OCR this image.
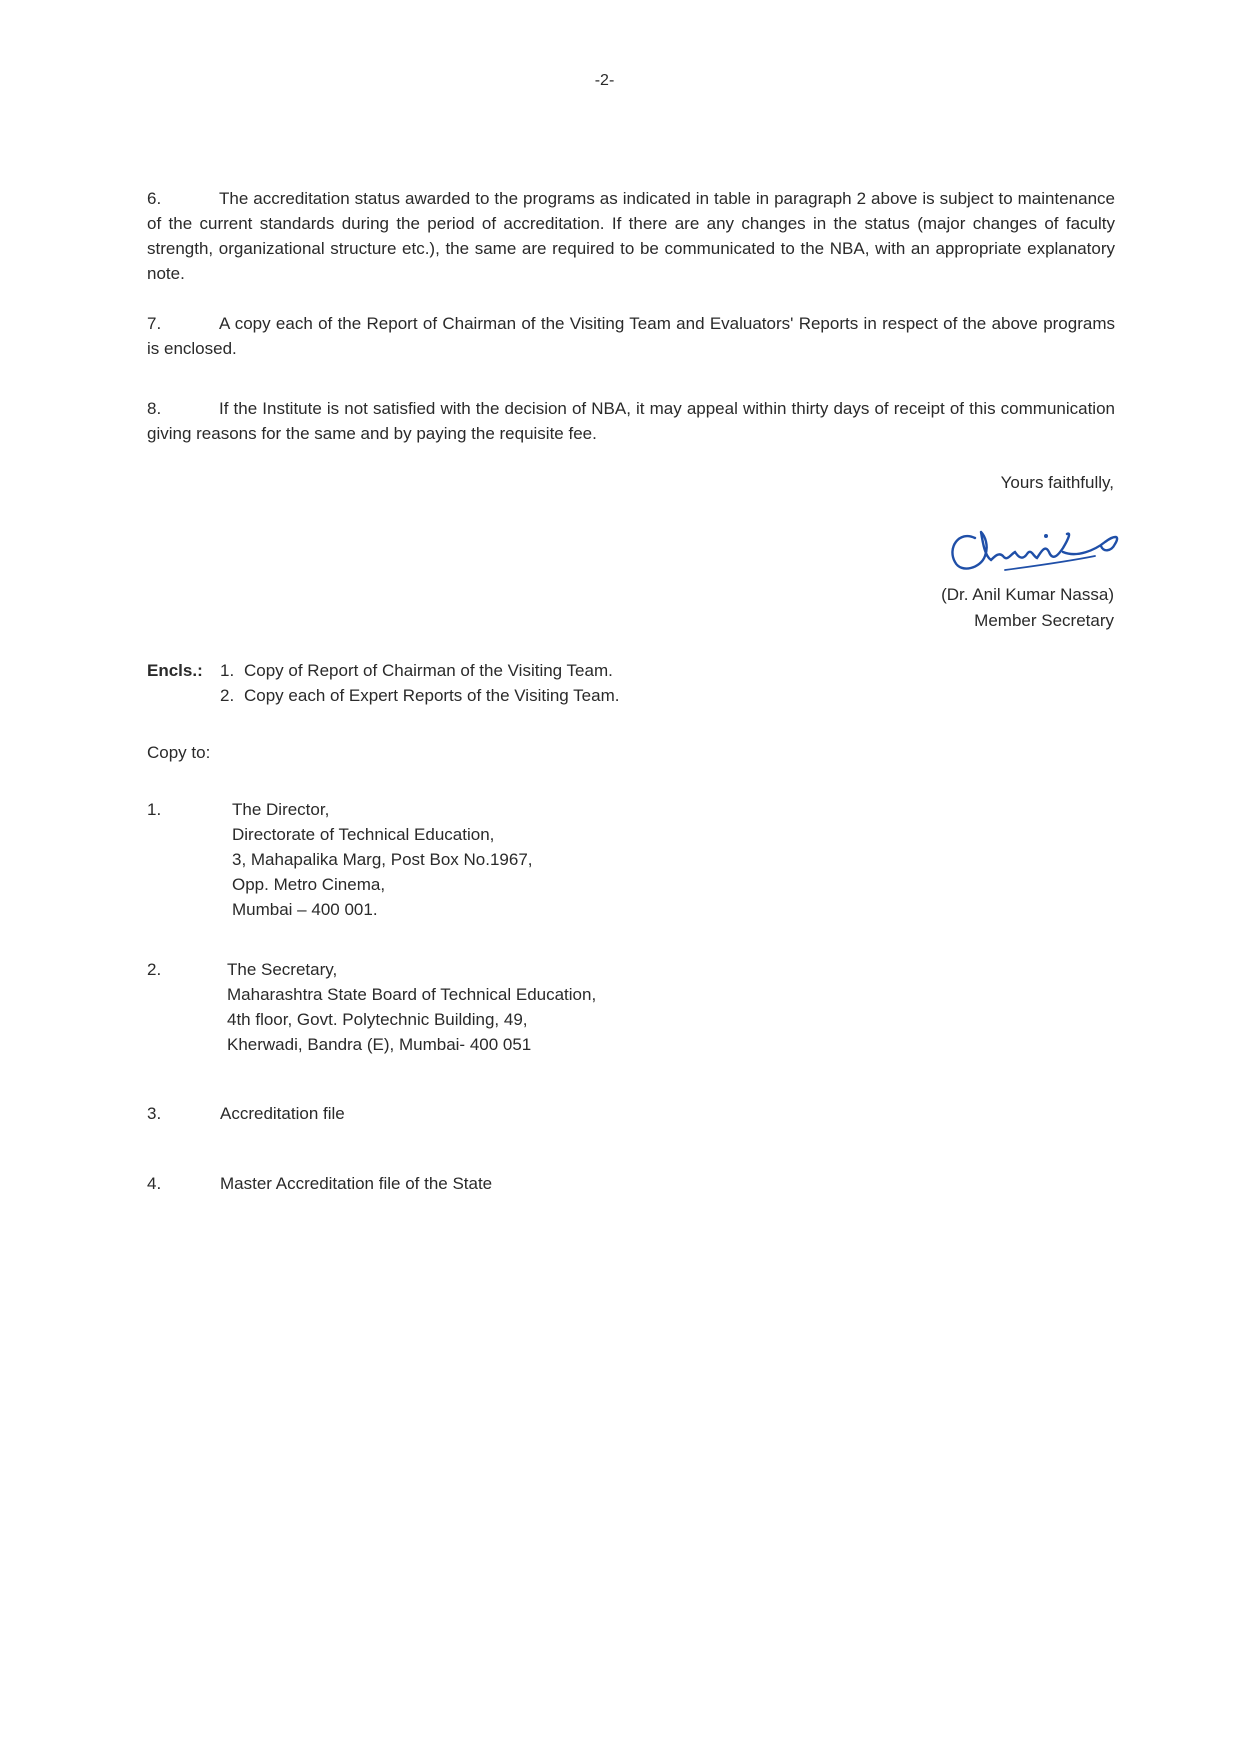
-2-
6.	The accreditation status awarded to the programs as indicated in table in paragraph 2 above is subject to maintenance of the current standards during the period of accreditation. If there are any changes in the status (major changes of faculty strength, organizational structure etc.), the same are required to be communicated to the NBA, with an appropriate explanatory note.
7.	A copy each of the Report of Chairman of the Visiting Team and Evaluators' Reports in respect of the above programs is enclosed.
8.	If the Institute is not satisfied with the decision of NBA, it may appeal within thirty days of receipt of this communication giving reasons for the same and by paying the requisite fee.
Yours faithfully,
(Dr. Anil Kumar Nassa)
Member Secretary
Encls.: 1. Copy of Report of Chairman of the Visiting Team.
2. Copy each of Expert Reports of the Visiting Team.
Copy to:
1.	The Director,
Directorate of Technical Education,
3, Mahapalika Marg, Post Box No.1967,
Opp. Metro Cinema,
Mumbai – 400 001.
2.	The Secretary,
Maharashtra State Board of Technical Education,
4th floor, Govt. Polytechnic Building, 49,
Kherwadi, Bandra (E), Mumbai- 400 051
3.	Accreditation file
4.	Master Accreditation file of the State
